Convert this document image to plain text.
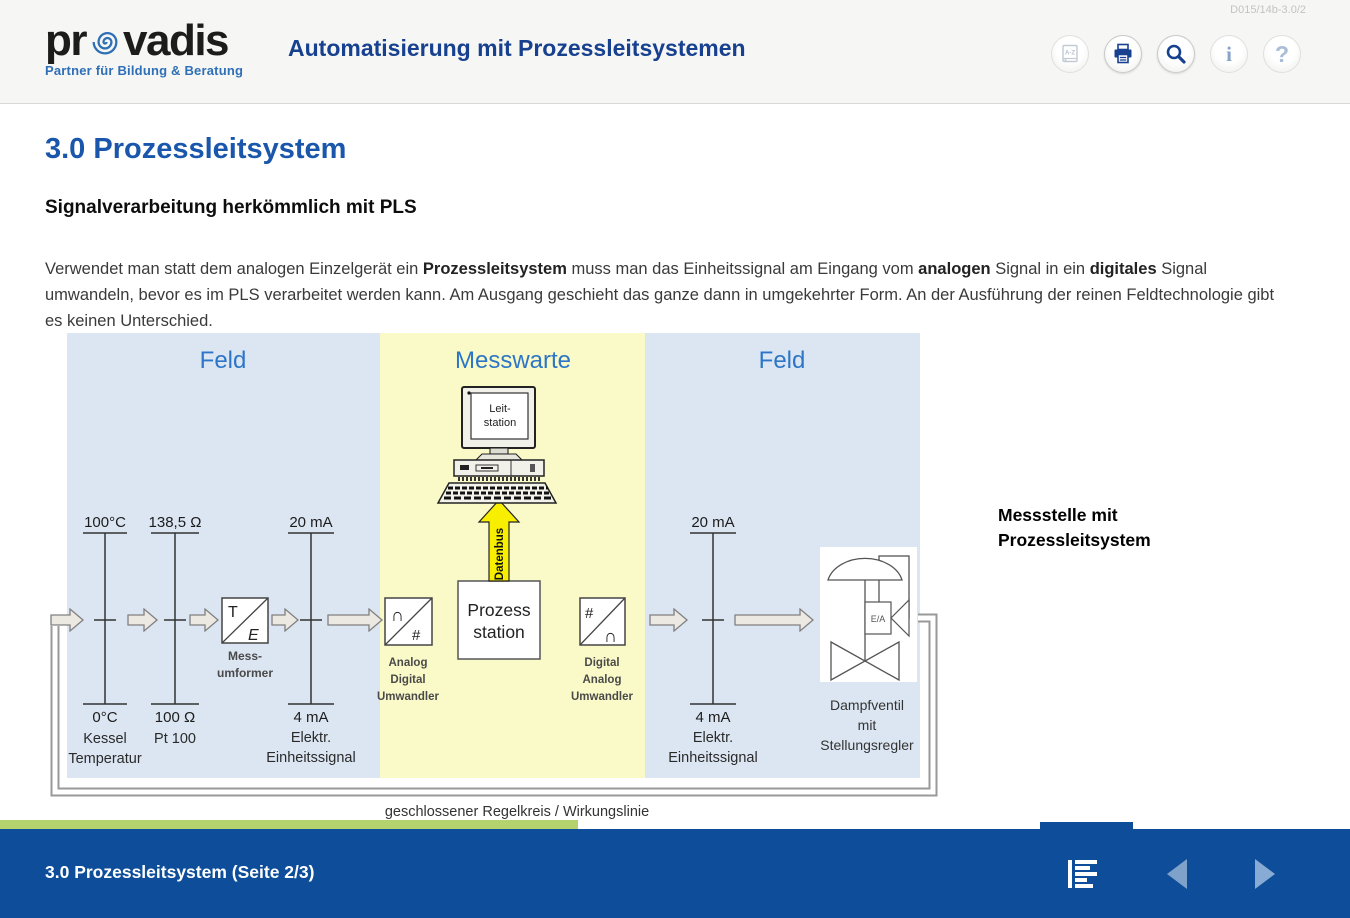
D015/14b-3.0/2
pr vadis
Partner für Bildung & Beratung
Automatisierung mit Prozessleitsystemen	A-Z	i ?
3.0 Prozessleitsystem
Signalverarbeitung herkömmlich mit PLS

Verwendet man statt dem analogen Einzelgerät ein Prozessleitsystem muss man das Einheitssignal am Eingang vom analogen Signal in ein digitales Signal umwandeln, bevor es im PLS verarbeitet werden kann. Am Ausgang geschieht das ganze dann in umgekehrter Form. An der Ausführung der reinen Feldtechnologie gibt es keinen Unterschied.

Messstelle mit
Prozessleitsystem
Feld	Messwarte	Feld
100°C
0°C
Kessel
Temperatur
138,5 Ω
100 Ω
Pt 100
20 mA
4 mA
Elektr.
Einheitssignal
20 mA
4 mA
Elektr.
Einheitssignal
T
E
Mess-
umformer
∩
#
Analog
Digital
Umwandler
#
∩
Digital
Analog
Umwandler
Prozess
station
Datenbus
Leit-
station
E/A
Dampfventil
mit
Stellungsregler
geschlossener Regelkreis / Wirkungslinie
3.0 Prozessleitsystem (Seite 2/3)
